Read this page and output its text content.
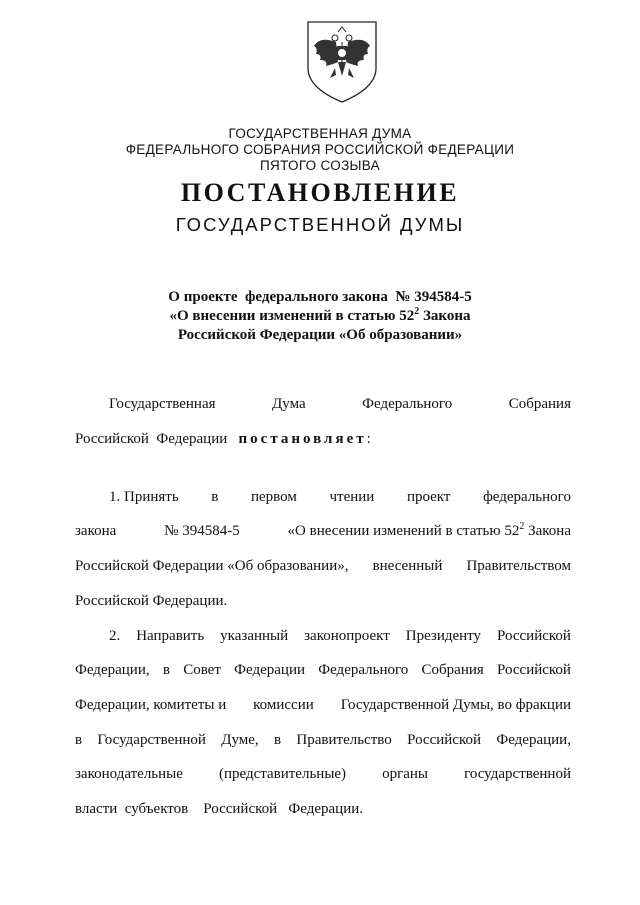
ГОСУДАРСТВЕННАЯ ДУМА
ФЕДЕРАЛЬНОГО СОБРАНИЯ РОССИЙСКОЙ ФЕДЕРАЦИИ
ПЯТОГО СОЗЫВА
ПОСТАНОВЛЕНИЕ
ГОСУДАРСТВЕННОЙ ДУМЫ
О проекте  федерального закона  № 394584-5
«О внесении изменений в статью $52^2$ Закона
Российской Федерации «Об образовании»
Государственная	Дума	Федерального	Собрания
Российской  Федерации постановляет:
1. Принять в первом чтении проект федерального
закона	№ 394584-5	«О внесении изменений в статью $52^2$ Закона
Российской Федерации «Об образовании», внесенный Правительством
Российской Федерации.
2. Направить указанный законопроект Президенту Российской
Федерации, в Совет Федерации Федерального Собрания Российской
Федерации, комитеты и комиссии Государственной Думы, во фракции
в Государственной Думе, в Правительство Российской Федерации,
законодательные (представительные) органы государственной
власти  субъектов    Российской   Федерации.
